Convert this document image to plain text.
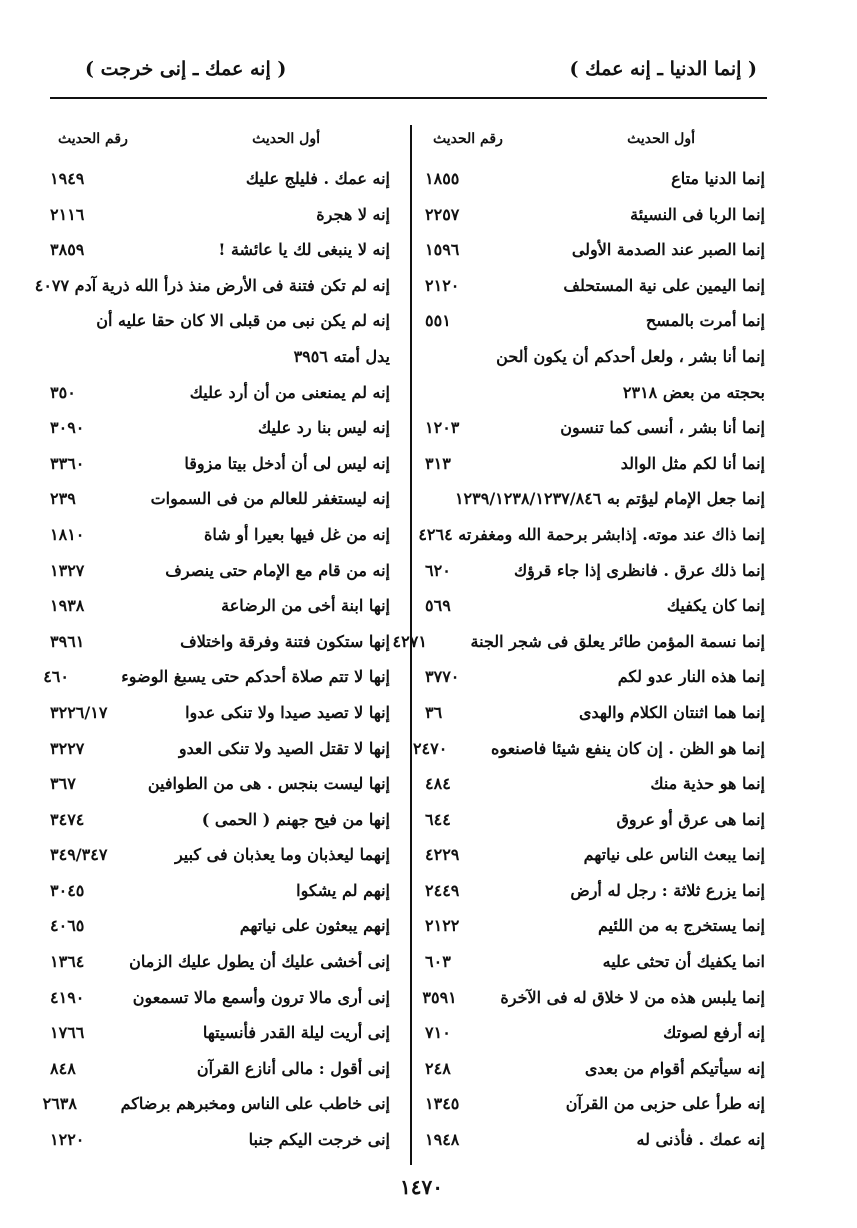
( إنما الدنيا ـ إنه عمك )
( إنه عمك ـ إنى خرجت )
أول الحديث
رقم الحديث
إنما الدنيا متاع
١٨٥٥
إنما الربا فى النسيئة
٢٢٥٧
إنما الصبر عند الصدمة الأولى
١٥٩٦
إنما اليمين على نية المستحلف
٢١٢٠
إنما أمرت بالمسح
٥٥١
إنما أنا بشر ، ولعل أحدكم أن يكون ألحن
بحجته من بعض ٢٣١٨
إنما أنا بشر ، أنسى كما تنسون
١٢٠٣
إنما أنا لكم مثل الوالد
٣١٣
إنما جعل الإمام ليؤتم به ١٢٣٩/١٢٣٨/١٢٣٧/٨٤٦
إنما ذاك عند موته. إذابشر برحمة الله ومغفرته ٤٢٦٤
إنما ذلك عرق . فانظرى إذا جاء قرؤك
٦٢٠
إنما كان يكفيك
٥٦٩
إنما نسمة المؤمن طائر يعلق فى شجر الجنة
٤٢٧١
إنما هذه النار عدو لكم
٣٧٧٠
إنما هما اثنتان الكلام والهدى
٣٦
إنما هو الظن . إن كان ينفع شيئا فاصنعوه
٢٤٧٠
إنما هو حذية منك
٤٨٤
إنما هى عرق أو عروق
٦٤٤
إنما يبعث الناس على نياتهم
٤٢٢٩
إنما يزرع ثلاثة : رجل له أرض
٢٤٤٩
إنما يستخرج به من اللئيم
٢١٢٢
انما يكفيك أن تحثى عليه
٦٠٣
إنما يلبس هذه من لا خلاق له فى الآخرة
٣٥٩١
إنه أرفع لصوتك
٧١٠
إنه سيأتيكم أقوام من بعدى
٢٤٨
إنه طرأ على حزبى من القرآن
١٣٤٥
إنه عمك . فأذنى له
١٩٤٨
أول الحديث
رقم الحديث
إنه عمك . فليلج عليك
١٩٤٩
إنه لا هجرة
٢١١٦
إنه لا ينبغى لك يا عائشة !
٣٨٥٩
إنه لم تكن فتنة فى الأرض منذ ذرأ الله ذرية آدم ٤٠٧٧
إنه لم يكن نبى من قبلى الا كان حقا عليه أن
يدل أمته ٣٩٥٦
إنه لم يمنعنى من أن أرد عليك
٣٥٠
إنه ليس بنا رد عليك
٣٠٩٠
إنه ليس لى أن أدخل بيتا مزوقا
٣٣٦٠
إنه ليستغفر للعالم من فى السموات
٢٣٩
إنه من غل فيها بعيرا أو شاة
١٨١٠
إنه من قام مع الإمام حتى ينصرف
١٣٢٧
إنها ابنة أخى من الرضاعة
١٩٣٨
إنها ستكون فتنة وفرقة واختلاف
٣٩٦١
إنها لا تتم صلاة أحدكم حتى يسبغ الوضوء
٤٦٠
إنها لا تصيد صيدا ولا تنكى عدوا
٣٢٢٦/١٧
إنها لا تقتل الصيد ولا تنكى العدو
٣٢٢٧
إنها ليست بنجس . هى من الطوافين
٣٦٧
إنها من فيح جهنم ( الحمى )
٣٤٧٤
إنهما ليعذبان وما يعذبان فى كبير
٣٤٩/٣٤٧
إنهم لم يشكوا
٣٠٤٥
إنهم يبعثون على نياتهم
٤٠٦٥
إنى أخشى عليك أن يطول عليك الزمان
١٣٦٤
إنى أرى مالا ترون وأسمع مالا تسمعون
٤١٩٠
إنى أريت ليلة القدر فأنسيتها
١٧٦٦
إنى أقول : مالى أنازع القرآن
٨٤٨
إنى خاطب على الناس ومخبرهم برضاكم
٢٦٣٨
إنى خرجت اليكم جنبا
١٢٢٠
١٤٧٠
